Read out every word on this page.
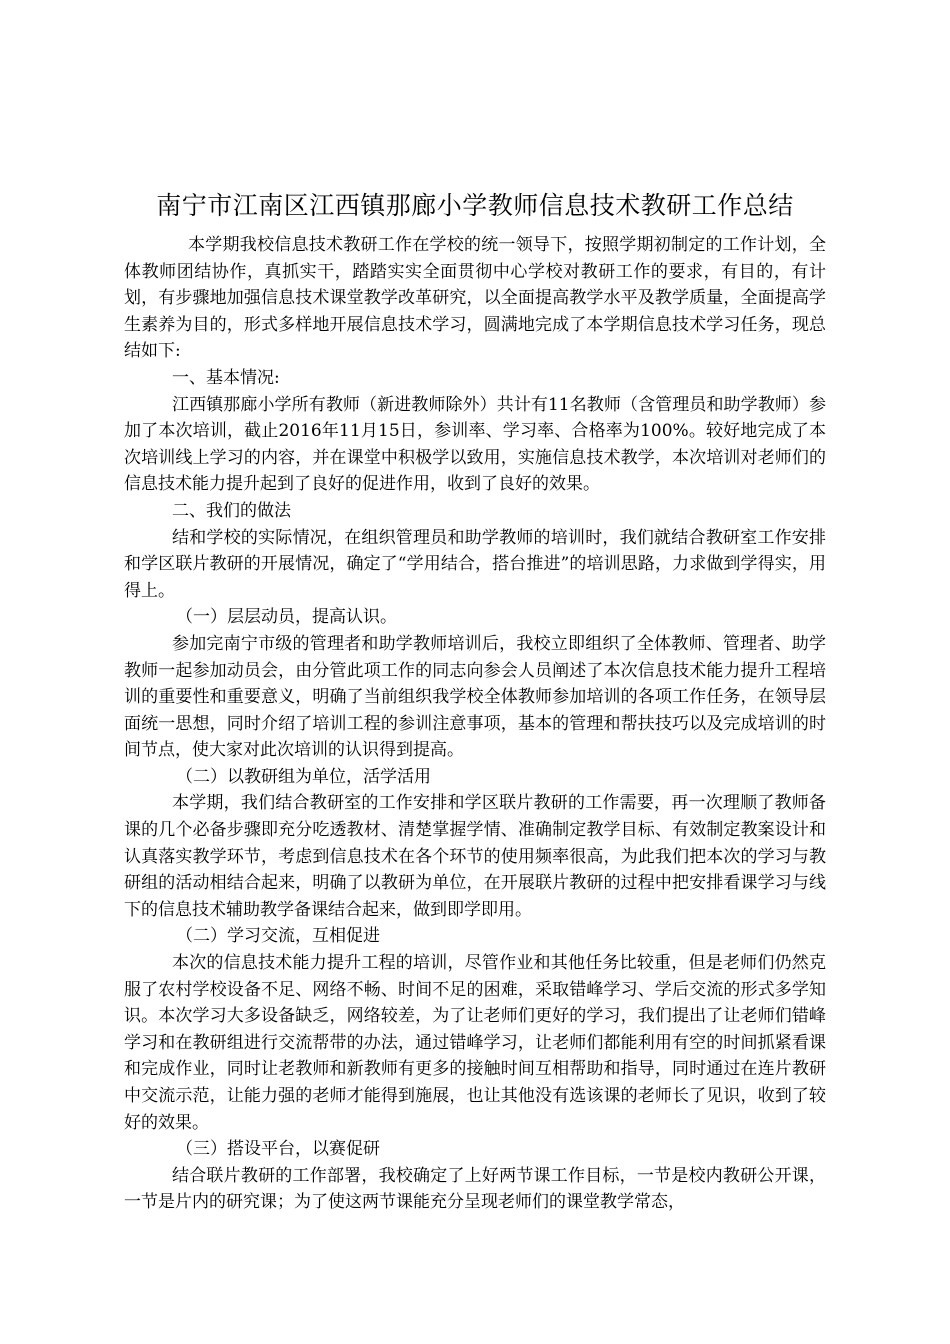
南宁市江南区江西镇那廊小学教师信息技术教研工作总结

本学期我校信息技术教研工作在学校的统一领导下，按照学期初制定的工作计划，全体教师团结协作，真抓实干，踏踏实实全面贯彻中心学校对教研工作的要求，有目的，有计划，有步骤地加强信息技术课堂教学改革研究，以全面提高教学水平及教学质量，全面提高学生素养为目的，形式多样地开展信息技术学习，圆满地完成了本学期信息技术学习任务，现总结如下:

一、基本情况:

江西镇那廊小学所有教师（新进教师除外）共计有11名教师（含管理员和助学教师）参加了本次培训，截止2016年11月15日，参训率、学习率、合格率为100%。较好地完成了本次培训线上学习的内容，并在课堂中积极学以致用，实施信息技术教学，本次培训对老师们的信息技术能力提升起到了良好的促进作用，收到了良好的效果。

二、我们的做法

结和学校的实际情况，在组织管理员和助学教师的培训时，我们就结合教研室工作安排和学区联片教研的开展情况，确定了“学用结合，搭台推进”的培训思路，力求做到学得实，用得上。

（一）层层动员，提高认识。

参加完南宁市级的管理者和助学教师培训后，我校立即组织了全体教师、管理者、助学教师一起参加动员会，由分管此项工作的同志向参会人员阐述了本次信息技术能力提升工程培训的重要性和重要意义，明确了当前组织我学校全体教师参加培训的各项工作任务，在领导层面统一思想，同时介绍了培训工程的参训注意事项，基本的管理和帮扶技巧以及完成培训的时间节点，使大家对此次培训的认识得到提高。

（二）以教研组为单位，活学活用

本学期，我们结合教研室的工作安排和学区联片教研的工作需要，再一次理顺了教师备课的几个必备步骤即充分吃透教材、清楚掌握学情、准确制定教学目标、有效制定教案设计和认真落实教学环节，考虑到信息技术在各个环节的使用频率很高，为此我们把本次的学习与教研组的活动相结合起来，明确了以教研为单位，在开展联片教研的过程中把安排看课学习与线下的信息技术辅助教学备课结合起来，做到即学即用。

（二）学习交流，互相促进

本次的信息技术能力提升工程的培训，尽管作业和其他任务比较重，但是老师们仍然克服了农村学校设备不足、网络不畅、时间不足的困难，采取错峰学习、学后交流的形式多学知识。本次学习大多设备缺乏，网络较差，为了让老师们更好的学习，我们提出了让老师们错峰学习和在教研组进行交流帮带的办法，通过错峰学习，让老师们都能利用有空的时间抓紧看课和完成作业，同时让老教师和新教师有更多的接触时间互相帮助和指导，同时通过在连片教研中交流示范，让能力强的老师才能得到施展，也让其他没有选该课的老师长了见识，收到了较好的效果。

（三）搭设平台，以赛促研

结合联片教研的工作部署，我校确定了上好两节课工作目标，一节是校内教研公开课，一节是片内的研究课；为了使这两节课能充分呈现老师们的课堂教学常态，
